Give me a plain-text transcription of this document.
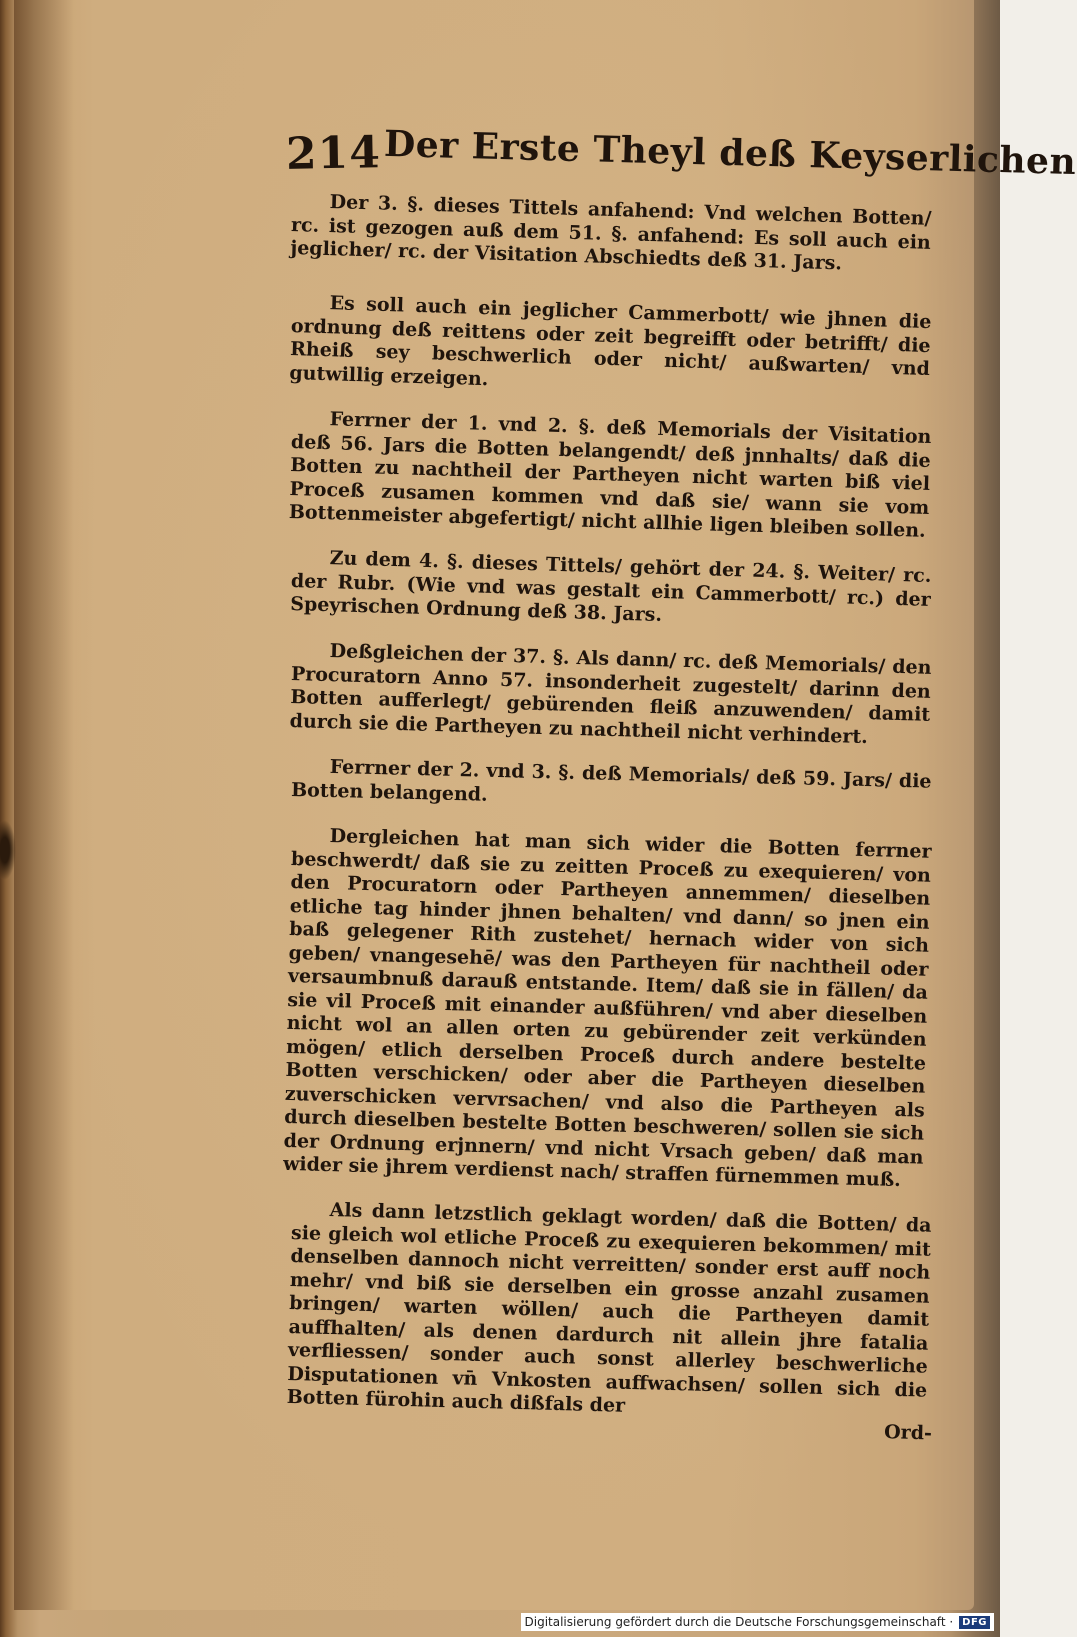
214 Der Erste Theyl deß Keyserlichen

Der 3. §. dieses Tittels anfahend: Vnd welchen Botten/ rc. ist gezogen auß dem 51. §. anfahend: Es soll auch ein jeglicher/ rc. der Visitation Abschiedts deß 31. Jars.

Es soll auch ein jeglicher Cammerbott/ wie jhnen die ordnung deß reittens oder zeit begreifft oder betrifft/ die Rheiß sey beschwerlich oder nicht/ außwarten/ vnd gutwillig erzeigen.

Ferrner der 1. vnd 2. §. deß Memorials der Visitation deß 56. Jars die Botten belangendt/ deß jnnhalts/ daß die Botten zu nachtheil der Partheyen nicht warten biß viel Proceß zusamen kommen vnd daß sie/ wann sie vom Bottenmeister abgefertigt/ nicht allhie ligen bleiben sollen.

Zu dem 4. §. dieses Tittels/ gehört der 24. §. Weiter/ rc. der Rubr. (Wie vnd was gestalt ein Cammerbott/ rc.) der Speyrischen Ordnung deß 38. Jars.

Deßgleichen der 37. §. Als dann/ rc. deß Memorials/ den Procuratorn Anno 57. insonderheit zugestelt/ darinn den Botten aufferlegt/ gebürenden fleiß anzuwenden/ damit durch sie die Partheyen zu nachtheil nicht verhindert.

Ferrner der 2. vnd 3. §. deß Memorials/ deß 59. Jars/ die Botten belangend.

Dergleichen hat man sich wider die Botten ferrner beschwerdt/ daß sie zu zeitten Proceß zu exequieren/ von den Procuratorn oder Partheyen annemmen/ dieselben etliche tag hinder jhnen behalten/ vnd dann/ so jnen ein baß gelegener Rith zustehet/ hernach wider von sich geben/ vnangesehē/ was den Partheyen für nachtheil oder versaumbnuß darauß entstande. Item/ daß sie in fällen/ da sie vil Proceß mit einander außführen/ vnd aber dieselben nicht wol an allen orten zu gebürender zeit verkünden mögen/ etlich derselben Proceß durch andere bestelte Botten verschicken/ oder aber die Partheyen dieselben zuverschicken vervrsachen/ vnd also die Partheyen als durch dieselben bestelte Botten beschweren/ sollen sie sich der Ordnung erjnnern/ vnd nicht Vrsach geben/ daß man wider sie jhrem verdienst nach/ straffen fürnemmen muß.

Als dann letzstlich geklagt worden/ daß die Botten/ da sie gleich wol etliche Proceß zu exequieren bekommen/ mit denselben dannoch nicht verreitten/ sonder erst auff noch mehr/ vnd biß sie derselben ein grosse anzahl zusamen bringen/ warten wöllen/ auch die Partheyen damit auffhalten/ als denen dardurch nit allein jhre fatalia verfliessen/ sonder auch sonst allerley beschwerliche Disputationen vn̄ Vnkosten auffwachsen/ sollen sich die Botten fürohin auch dißfals der

Ord-
Digitalisierung gefördert durch die Deutsche Forschungsgemeinschaft · DFG
